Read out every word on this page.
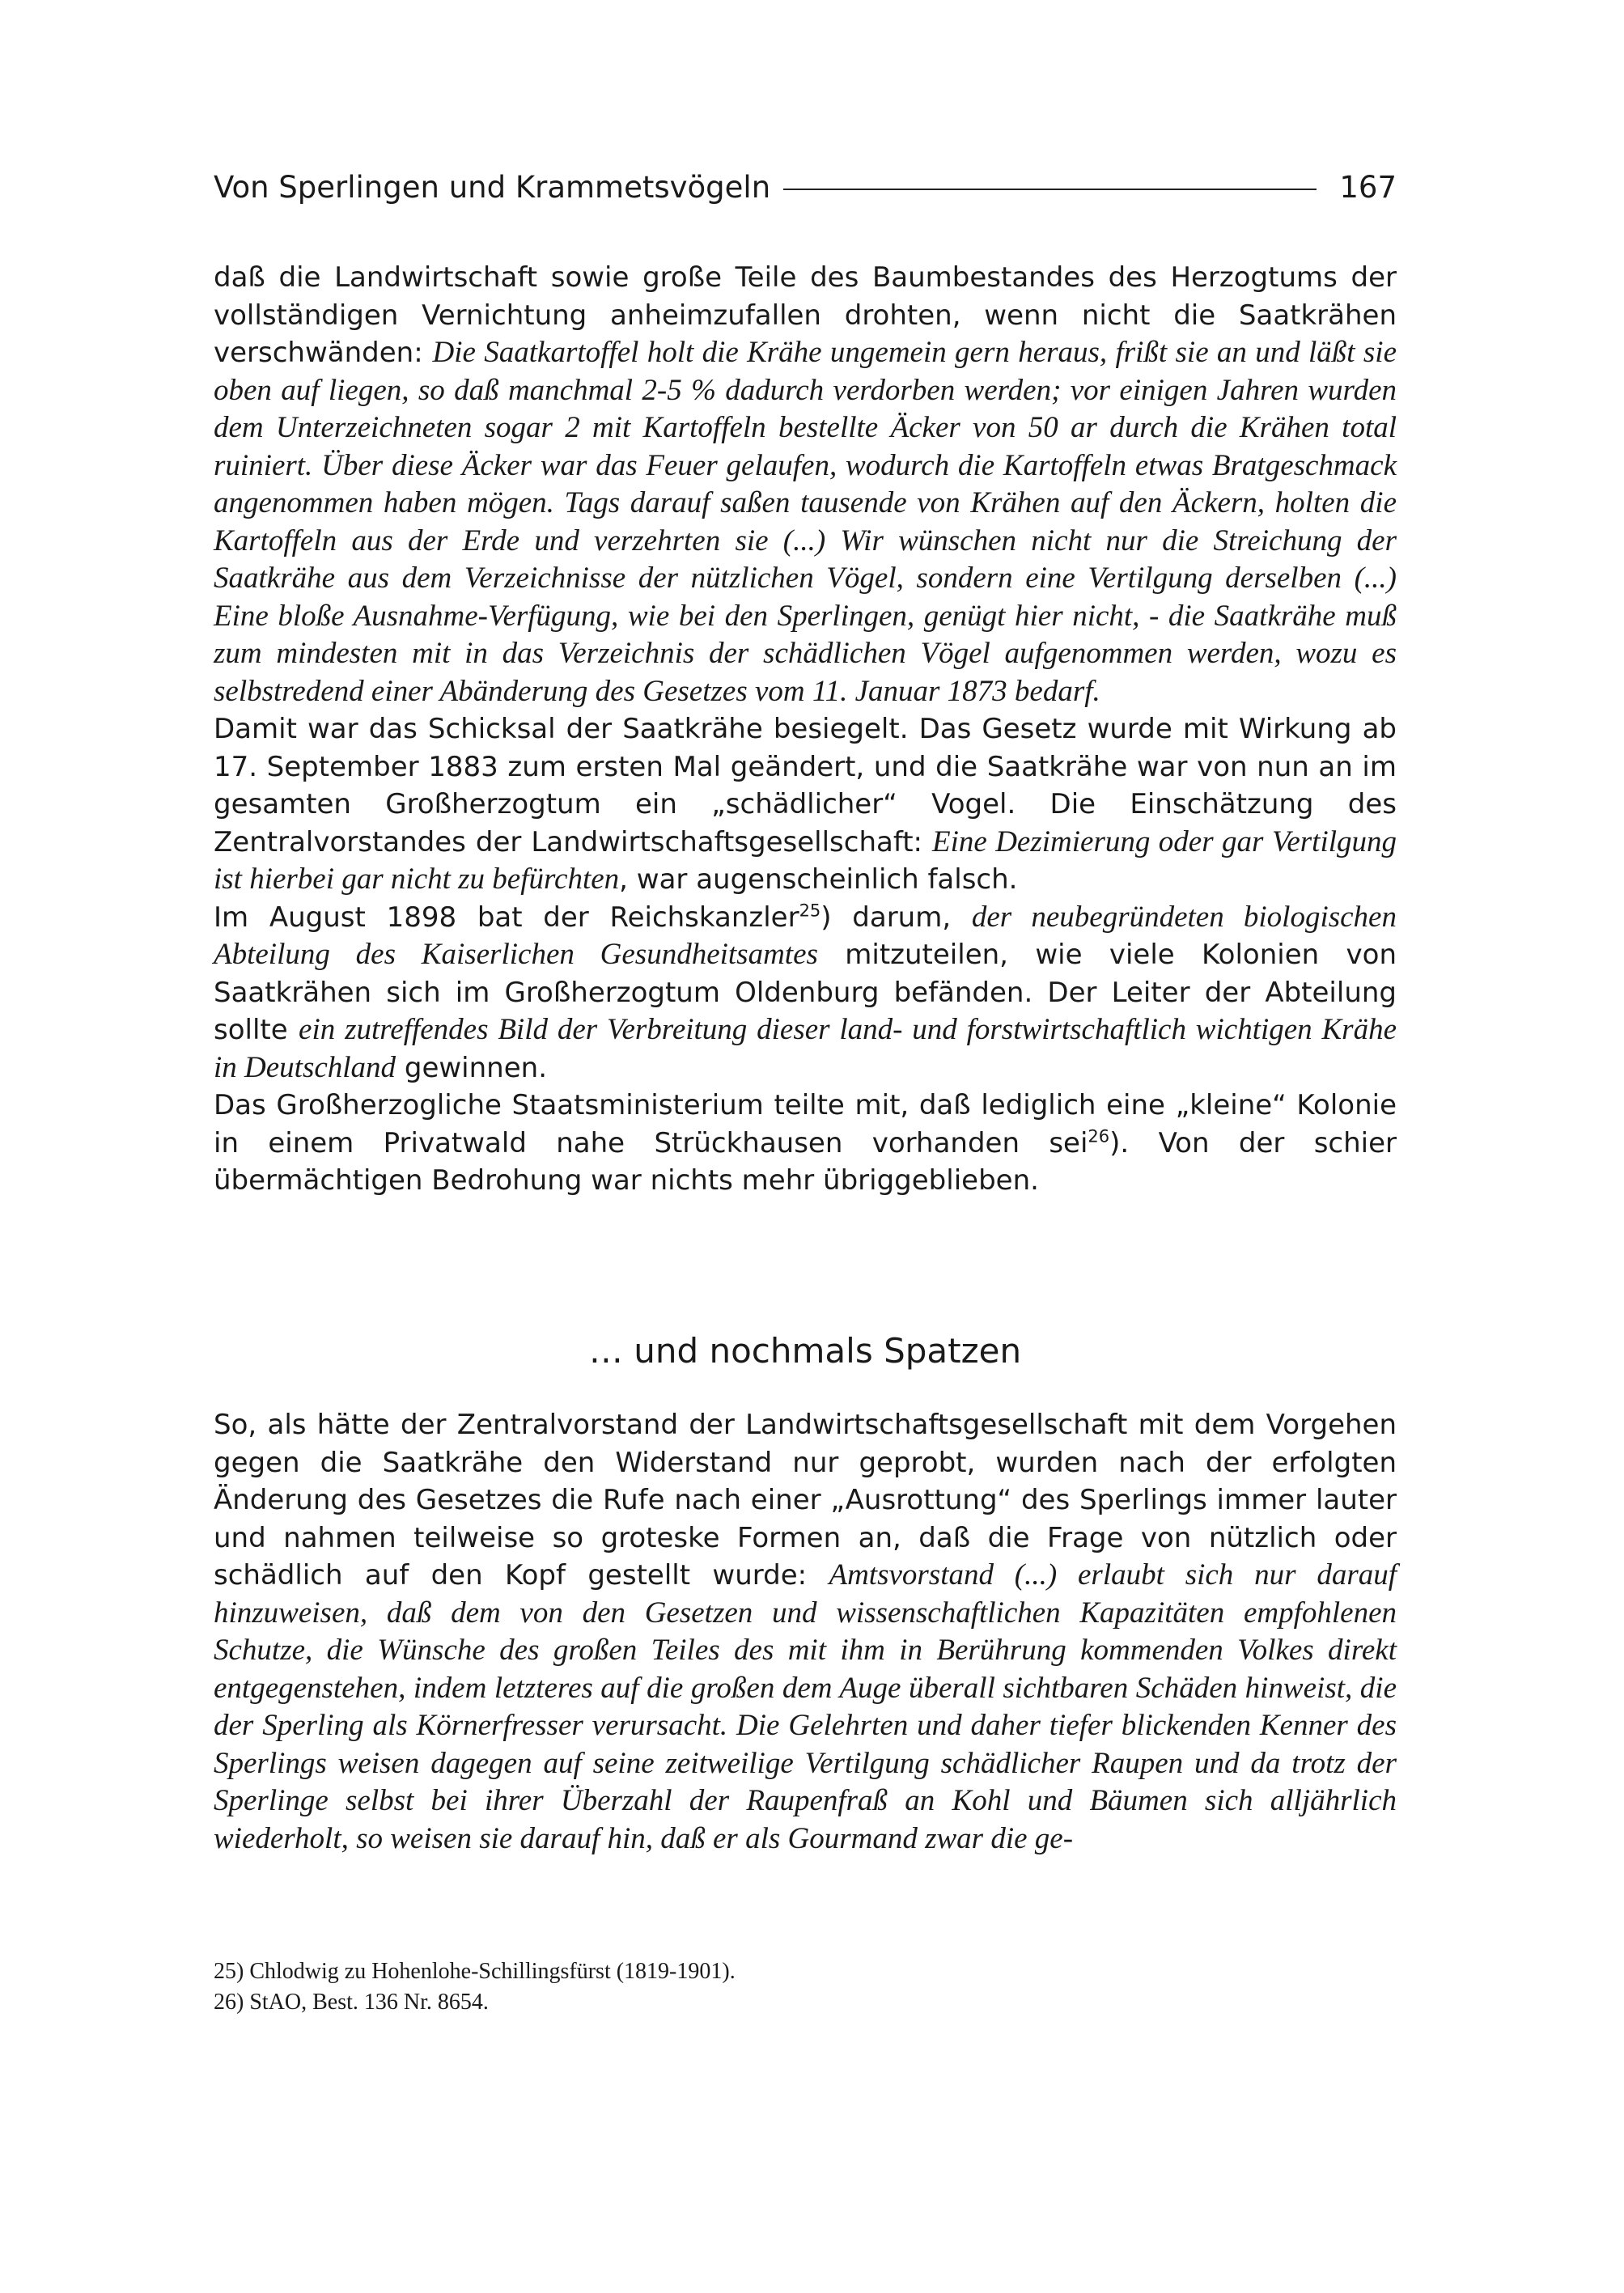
Von Sperlingen und Krammetsvögeln	167

daß die Landwirtschaft sowie große Teile des Baumbestandes des Herzogtums der vollständigen Vernichtung anheimzufallen drohten, wenn nicht die Saatkrähen verschwänden: Die Saatkartoffel holt die Krähe ungemein gern heraus, frißt sie an und läßt sie oben auf liegen, so daß manchmal 2-5 % dadurch verdorben werden; vor einigen Jahren wurden dem Unterzeichneten sogar 2 mit Kartoffeln bestellte Äcker von 50 ar durch die Krähen total ruiniert. Über diese Äcker war das Feuer gelaufen, wodurch die Kartoffeln etwas Bratgeschmack angenommen haben mögen. Tags darauf saßen tausende von Krähen auf den Äckern, holten die Kartoffeln aus der Erde und verzehrten sie (...) Wir wünschen nicht nur die Streichung der Saatkrähe aus dem Verzeichnisse der nützlichen Vögel, sondern eine Vertilgung derselben (...) Eine bloße Ausnahme-Verfügung, wie bei den Sperlingen, genügt hier nicht, - die Saatkrähe muß zum mindesten mit in das Verzeichnis der schädlichen Vögel aufgenommen werden, wozu es selbstredend einer Abänderung des Gesetzes vom 11. Januar 1873 bedarf.

Damit war das Schicksal der Saatkrähe besiegelt. Das Gesetz wurde mit Wirkung ab 17. September 1883 zum ersten Mal geändert, und die Saatkrähe war von nun an im gesamten Großherzogtum ein „schädlicher“ Vogel. Die Einschätzung des Zentralvorstandes der Landwirtschaftsgesellschaft: Eine Dezimierung oder gar Vertilgung ist hierbei gar nicht zu befürchten, war augenscheinlich falsch.

Im August 1898 bat der Reichskanzler$^{25}$) darum, der neubegründeten biologischen Abteilung des Kaiserlichen Gesundheitsamtes mitzuteilen, wie viele Kolonien von Saatkrähen sich im Großherzogtum Oldenburg befänden. Der Leiter der Abteilung sollte ein zutreffendes Bild der Verbreitung dieser land- und forstwirtschaftlich wichtigen Krähe in Deutschland gewinnen.

Das Großherzogliche Staatsministerium teilte mit, daß lediglich eine „kleine“ Kolonie in einem Privatwald nahe Strückhausen vorhanden sei$^{26}$). Von der schier übermächtigen Bedrohung war nichts mehr übriggeblieben.

… und nochmals Spatzen

So, als hätte der Zentralvorstand der Landwirtschaftsgesellschaft mit dem Vorgehen gegen die Saatkrähe den Widerstand nur geprobt, wurden nach der erfolgten Änderung des Gesetzes die Rufe nach einer „Ausrottung“ des Sperlings immer lauter und nahmen teilweise so groteske Formen an, daß die Frage von nützlich oder schädlich auf den Kopf gestellt wurde: Amtsvorstand (...) erlaubt sich nur darauf hinzuweisen, daß dem von den Gesetzen und wissenschaftlichen Kapazitäten empfohlenen Schutze, die Wünsche des großen Teiles des mit ihm in Berührung kommenden Volkes direkt entgegenstehen, indem letzteres auf die großen dem Auge überall sichtbaren Schäden hinweist, die der Sperling als Körnerfresser verursacht. Die Gelehrten und daher tiefer blickenden Kenner des Sperlings weisen dagegen auf seine zeitweilige Vertilgung schädlicher Raupen und da trotz der Sperlinge selbst bei ihrer Überzahl der Raupenfraß an Kohl und Bäumen sich alljährlich wiederholt, so weisen sie darauf hin, daß er als Gourmand zwar die ge-

25) Chlodwig zu Hohenlohe-Schillingsfürst (1819-1901).
26) StAO, Best. 136 Nr. 8654.
